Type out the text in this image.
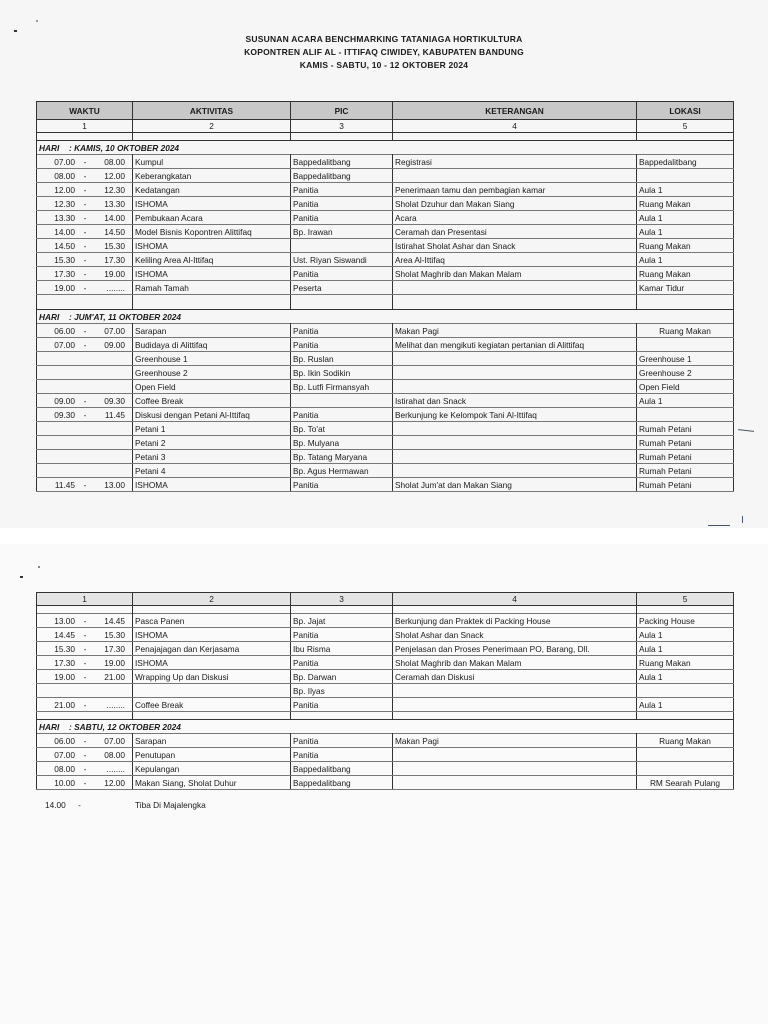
SUSUNAN ACARA BENCHMARKING TATANIAGA HORTIKULTURA
KOPONTREN ALIF AL - ITTIFAQ CIWIDEY, KABUPATEN BANDUNG
KAMIS - SABTU, 10 - 12 OKTOBER 2024
WAKTU	AKTIVITAS	PIC	KETERANGAN	LOKASI
1	2	3	4	5

HARI : KAMIS, 10 OKTOBER 2024				
07.00 - 08.00	Kumpul	Bappedalitbang	Registrasi	Bappedalitbang
08.00 - 12.00	Keberangkatan	Bappedalitbang		
12.00 - 12.30	Kedatangan	Panitia	Penerimaan tamu dan pembagian kamar	Aula 1
12.30 - 13.30	ISHOMA	Panitia	Sholat Dzuhur dan Makan Siang	Ruang Makan
13.30 - 14.00	Pembukaan Acara	Panitia	Acara	Aula 1
14.00 - 14.50	Model Bisnis Kopontren Alittifaq	Bp. Irawan	Ceramah dan Presentasi	Aula 1
14.50 - 15.30	ISHOMA		Istirahat Sholat Ashar dan Snack	Ruang Makan
15.30 - 17.30	Keliling Area Al-Ittifaq	Ust. Riyan Siswandi	Area Al-Ittifaq	Aula 1
17.30 - 19.00	ISHOMA	Panitia	Sholat Maghrib dan Makan Malam	Ruang Makan
19.00 - ........	Ramah Tamah	Peserta		Kamar Tidur

HARI : JUM'AT, 11 OKTOBER 2024				
06.00 - 07.00	Sarapan	Panitia	Makan Pagi	Ruang Makan
07.00 - 09.00	Budidaya di Alittifaq	Panitia	Melihat dan mengikuti kegiatan pertanian di Alittifaq	
	Greenhouse 1	Bp. Ruslan		Greenhouse 1
	Greenhouse 2	Bp. Ikin Sodikin		Greenhouse 2
	Open Field	Bp. Lutfi Firmansyah		Open Field
09.00 - 09.30	Coffee Break		Istirahat dan Snack	Aula 1
09.30 - 11.45	Diskusi dengan Petani Al-Ittifaq	Panitia	Berkunjung ke Kelompok Tani Al-Ittifaq	
	Petani 1	Bp. To'at		Rumah Petani
	Petani 2	Bp. Mulyana		Rumah Petani
	Petani 3	Bp. Tatang Maryana		Rumah Petani
	Petani 4	Bp. Agus Hermawan		Rumah Petani
11.45 - 13.00	ISHOMA	Panitia	Sholat Jum'at dan Makan Siang	Rumah Petani
1	2	3	4	5

13.00 - 14.45	Pasca Panen	Bp. Jajat	Berkunjung dan Praktek di Packing House	Packing House
14.45 - 15.30	ISHOMA	Panitia	Sholat Ashar dan Snack	Aula 1
15.30 - 17.30	Penajajagan dan Kerjasama	Ibu Risma	Penjelasan dan Proses Penerimaan PO, Barang, Dll.	Aula 1
17.30 - 19.00	ISHOMA	Panitia	Sholat Maghrib dan Makan Malam	Ruang Makan
19.00 - 21.00	Wrapping Up dan Diskusi	Bp. Darwan	Ceramah dan Diskusi	Aula 1
		Bp. Ilyas		
21.00 - ........	Coffee Break	Panitia		Aula 1

HARI : SABTU, 12 OKTOBER 2024				
06.00 - 07.00	Sarapan	Panitia	Makan Pagi	Ruang Makan
07.00 - 08.00	Penutupan	Panitia		
08.00 - ........	Kepulangan	Bappedalitbang		
10.00 - 12.00	Makan Siang, Sholat Duhur	Bappedalitbang		RM Searah Pulang
14.00 -	Tiba Di Majalengka
